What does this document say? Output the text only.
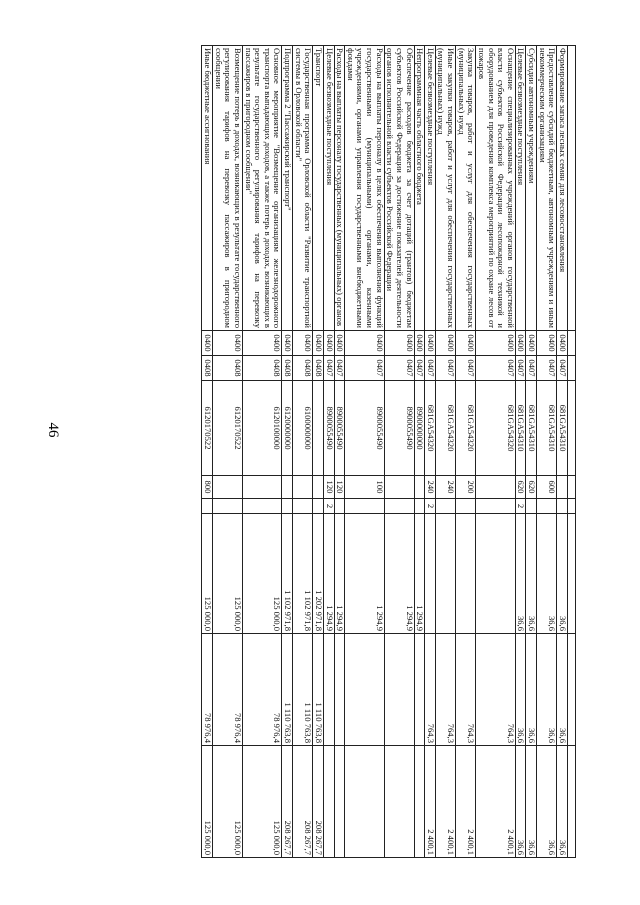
46

Формирование запаса лесных семян для лесовосстановления	0400	0407	681GA54310			36,6	36,6	36,6
Предоставление субсидий бюджетным, автономным учреждениям и иным некоммерческим организациям	0400	0407	681GA54310	600		36,6	36,6	36,6
Субсидии автономным учреждениям	0400	0407	681GA54310	620		36,6	36,6	36,6
Целевые безвозмездные поступления	0400	0407	681GA54310	620	2	36,6	36,6	36,6
Оснащение специализированных учреждений органов государственной власти субъектов Российской Федерации лесопожарной техникой и оборудованием для проведения комплекса мероприятий по охране лесов от пожаров	0400	0407	681GA54320				764,3	2 400,1
Закупка товаров, работ и услуг для обеспечения государственных (муниципальных) нужд	0400	0407	681GA54320	200			764,3	2 400,1
Иные закупки товаров, работ и услуг для обеспечения государственных (муниципальных) нужд	0400	0407	681GA54320	240			764,3	2 400,1
Целевые безвозмездные поступления	0400	0407	681GA54320	240	2		764,3	2 400,1
Непрограммная часть областного бюджета	0400	0407	8900000000			1 294,9		
Обеспечение расходов бюджета за счет дотаций (грантов) бюджетам субъектов Российской Федерации за достижение показателей деятельности органов исполнительной власти субъектов Российской Федерации	0400	0407	8900055490			1 294,9		
Расходы на выплаты персоналу в целях обеспечения выполнения функций государственными (муниципальными) органами, казенными учреждениями, органами управления государственными внебюджетными фондами	0400	0407	8900055490	100		1 294,9		
Расходы на выплаты персоналу государственных (муниципальных) органов	0400	0407	8900055490	120		1 294,9		
Целевые безвозмездные поступления	0400	0407	8900055490	120	2	1 294,9		
Транспорт	0400	0408				1 202 971,8	1 110 763,8	208 267,7
Государственная программа Орловской области "Развитие транспортной системы в Орловской области"	0400	0408	6100000000			1 102 971,8	1 110 763,8	208 267,7
Подпрограмма 2 "Пассажирский транспорт"	0400	0408	6120000000			1 102 971,8	1 110 763,8	208 267,7
Основное мероприятие "Возмещение организациям железнодорожного транспорта выпадающих доходов, а также потерь в доходах, возникающих в результате государственного регулирования тарифов на перевозку пассажиров в пригородном сообщении"	0400	0408	6120100000			125 000,0	78 976,4	125 000,0
Возмещение потерь в доходах, возникающих в результате государственного регулирования тарифов на перевозку пассажиров в пригородном сообщении	0400	0408	6120170522			125 000,0	78 976,4	125 000,0
Иные бюджетные ассигнования	0400	0408	6120170522	800		125 000,0	78 976,4	125 000,0
